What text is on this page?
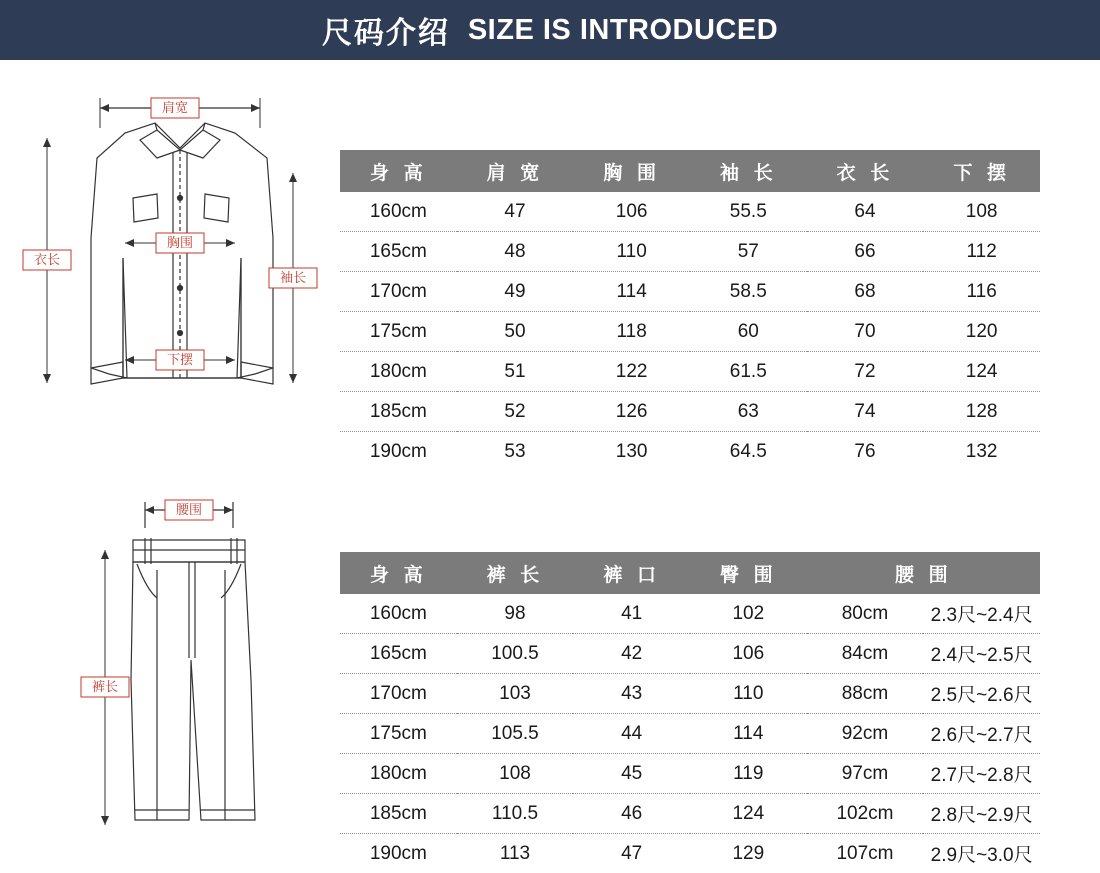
尺码介绍 SIZE IS INTRODUCED
肩宽
胸围
衣长
袖长
下摆
身 高	肩 宽	胸 围	袖 长	衣 长	下 摆
160cm	47	106	55.5	64	108
165cm	48	110	57	66	112
170cm	49	114	58.5	68	116
175cm	50	118	60	70	120
180cm	51	122	61.5	72	124
185cm	52	126	63	74	128
190cm	53	130	64.5	76	132
腰围
裤长
身 高	裤 长	裤 口	臀 围	腰 围	
160cm	98	41	102	80cm	2.3尺~2.4尺
165cm	100.5	42	106	84cm	2.4尺~2.5尺
170cm	103	43	110	88cm	2.5尺~2.6尺
175cm	105.5	44	114	92cm	2.6尺~2.7尺
180cm	108	45	119	97cm	2.7尺~2.8尺
185cm	110.5	46	124	102cm	2.8尺~2.9尺
190cm	113	47	129	107cm	2.9尺~3.0尺
